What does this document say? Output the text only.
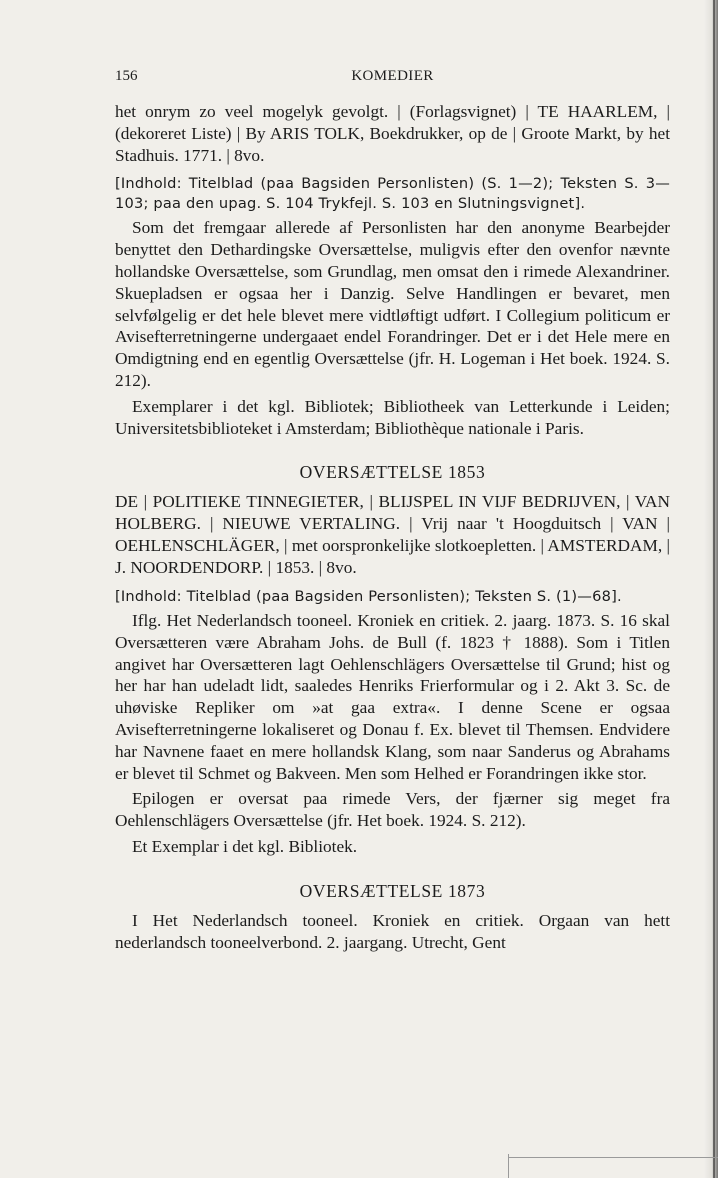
156	KOMEDIER

het onrym zo veel mogelyk gevolgt. | (Forlagsvignet) | TE HAARLEM, | (dekoreret Liste) | By ARIS TOLK, Boekdrukker, op de | Groote Markt, by het Stadhuis. 1771. | 8vo.

[Indhold: Titelblad (paa Bagsiden Personlisten) (S. 1—2); Teksten S. 3—103; paa den upag. S. 104 Trykfejl. S. 103 en Slutningsvignet].

Som det fremgaar allerede af Personlisten har den anonyme Bearbejder benyttet den Dethardingske Oversættelse, muligvis efter den ovenfor nævnte hollandske Oversættelse, som Grundlag, men omsat den i rimede Alexandriner. Skuepladsen er ogsaa her i Danzig. Selve Handlingen er bevaret, men selvfølgelig er det hele blevet mere vidtløftigt udført. I Collegium politicum er Avisefterretningerne undergaaet endel Forandringer. Det er i det Hele mere en Omdigtning end en egentlig Oversættelse (jfr. H. Logeman i Het boek. 1924. S. 212).

Exemplarer i det kgl. Bibliotek; Bibliotheek van Letterkunde i Leiden; Universitetsbiblioteket i Amsterdam; Bibliothèque nationale i Paris.

OVERSÆTTELSE 1853

DE | POLITIEKE TINNEGIETER, | BLIJSPEL IN VIJF BEDRIJVEN, | VAN HOLBERG. | NIEUWE VERTALING. | Vrij naar 't Hoogduitsch | VAN | OEHLENSCHLÄGER, | met oorspronkelijke slotkoepletten. | AMSTERDAM, | J. NOORDENDORP. | 1853. | 8vo.

[Indhold: Titelblad (paa Bagsiden Personlisten); Teksten S. (1)—68].

Iflg. Het Nederlandsch tooneel. Kroniek en critiek. 2. jaarg. 1873. S. 16 skal Oversætteren være Abraham Johs. de Bull (f. 1823 † 1888). Som i Titlen angivet har Oversætteren lagt Oehlenschlägers Oversættelse til Grund; hist og her har han udeladt lidt, saaledes Henriks Frierformular og i 2. Akt 3. Sc. de uhøviske Repliker om »at gaa extra«. I denne Scene er ogsaa Avisefterretningerne lokaliseret og Donau f. Ex. blevet til Themsen. Endvidere har Navnene faaet en mere hollandsk Klang, som naar Sanderus og Abrahams er blevet til Schmet og Bakveen. Men som Helhed er Forandringen ikke stor.

Epilogen er oversat paa rimede Vers, der fjærner sig meget fra Oehlenschlägers Oversættelse (jfr. Het boek. 1924. S. 212).

Et Exemplar i det kgl. Bibliotek.

OVERSÆTTELSE 1873

I Het Nederlandsch tooneel. Kroniek en critiek. Orgaan van hett nederlandsch tooneelverbond. 2. jaargang. Utrecht, Gent
